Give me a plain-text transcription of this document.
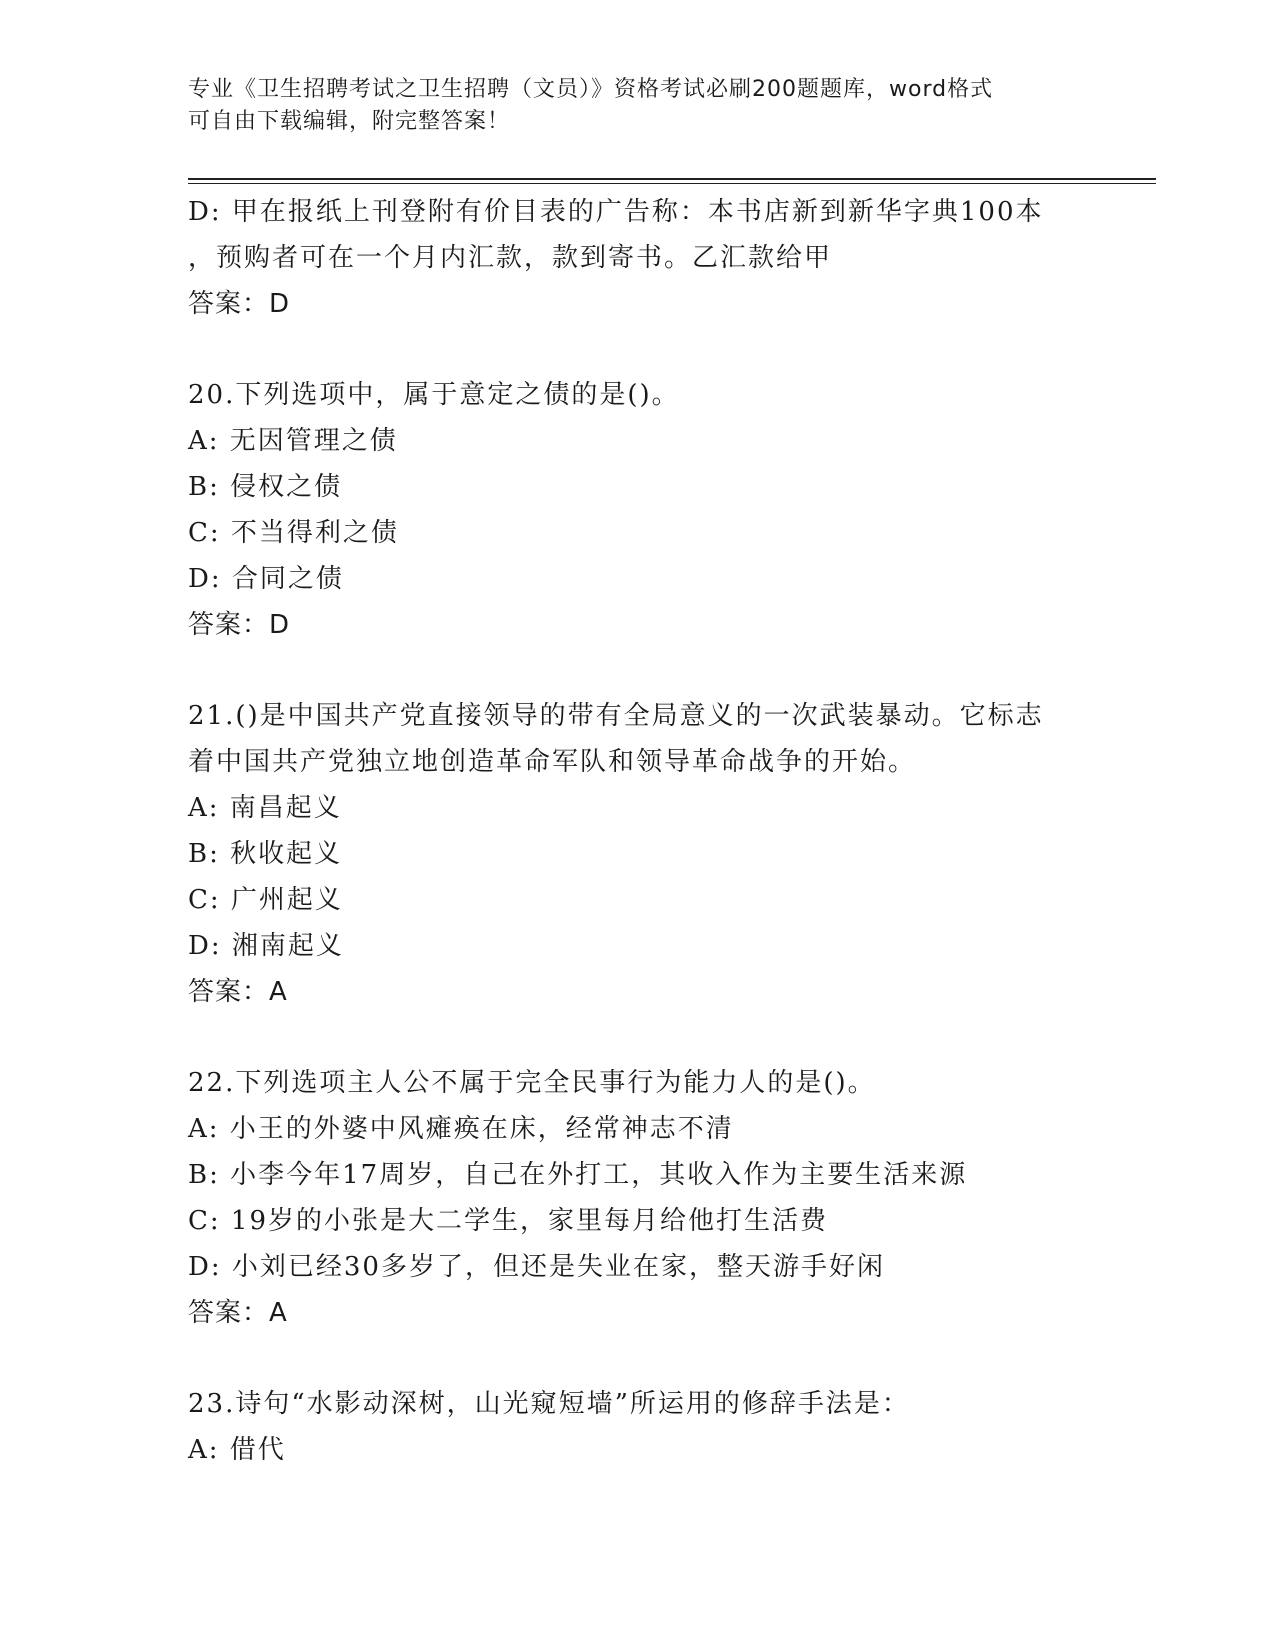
专业《卫生招聘考试之卫生招聘（文员）》资格考试必刷200题题库，word格式
可自由下载编辑，附完整答案！
D: 甲在报纸上刊登附有价目表的广告称：本书店新到新华字典100本
，预购者可在一个月内汇款，款到寄书。乙汇款给甲
答案：D
20.下列选项中，属于意定之债的是()。
A: 无因管理之债
B: 侵权之债
C: 不当得利之债
D: 合同之债
答案：D
21.()是中国共产党直接领导的带有全局意义的一次武装暴动。它标志
着中国共产党独立地创造革命军队和领导革命战争的开始。
A: 南昌起义
B: 秋收起义
C: 广州起义
D: 湘南起义
答案：A
22.下列选项主人公不属于完全民事行为能力人的是()。
A: 小王的外婆中风瘫痪在床，经常神志不清
B: 小李今年17周岁，自己在外打工，其收入作为主要生活来源
C: 19岁的小张是大二学生，家里每月给他打生活费
D: 小刘已经30多岁了，但还是失业在家，整天游手好闲
答案：A
23.诗句“水影动深树，山光窥短墙”所运用的修辞手法是：
A: 借代
